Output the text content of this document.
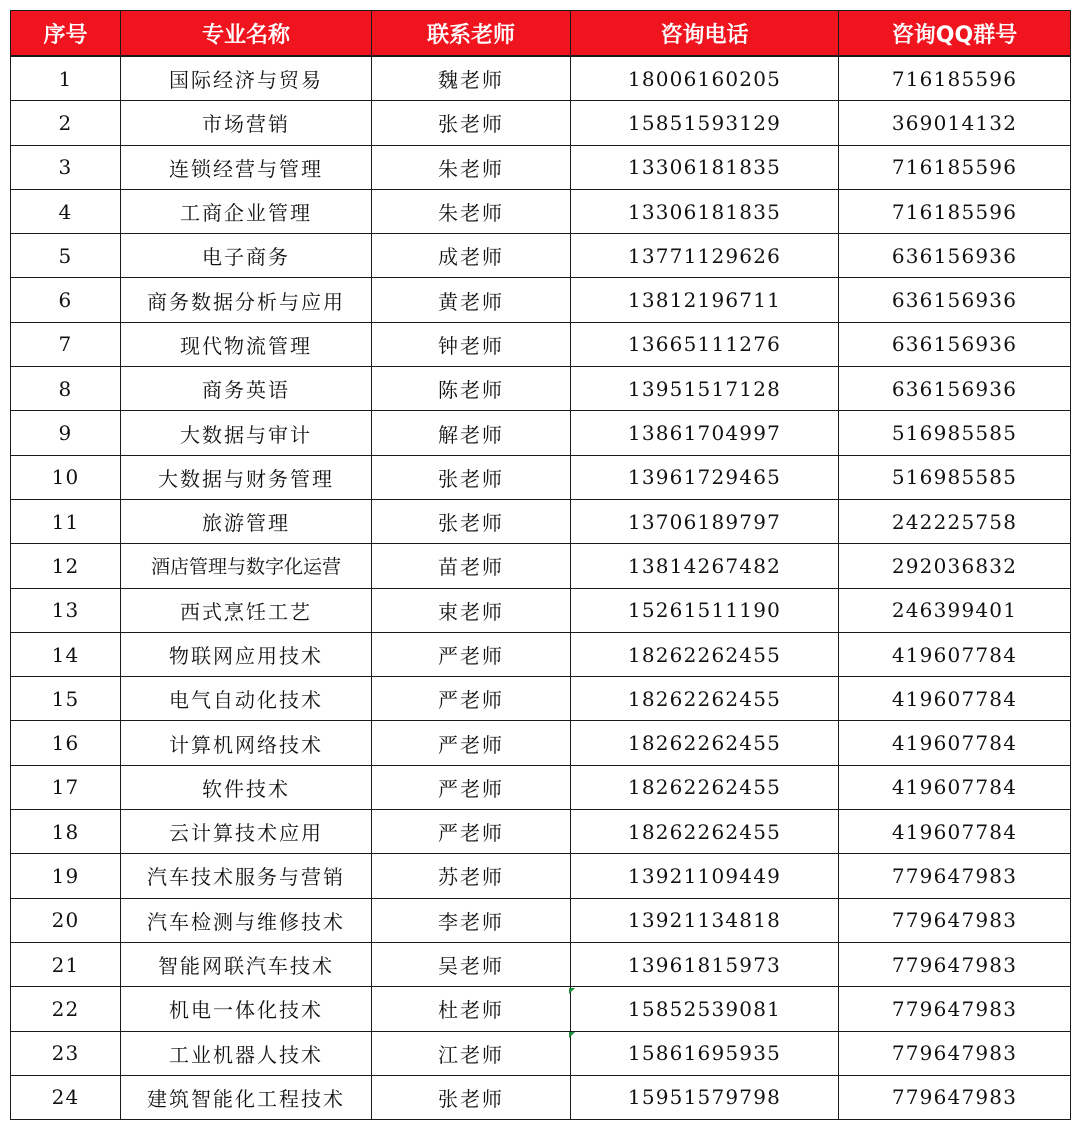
序号	专业名称	联系老师	咨询电话	咨询QQ群号
1	国际经济与贸易	魏老师	18006160205	716185596
2	市场营销	张老师	15851593129	369014132
3	连锁经营与管理	朱老师	13306181835	716185596
4	工商企业管理	朱老师	13306181835	716185596
5	电子商务	成老师	13771129626	636156936
6	商务数据分析与应用	黄老师	13812196711	636156936
7	现代物流管理	钟老师	13665111276	636156936
8	商务英语	陈老师	13951517128	636156936
9	大数据与审计	解老师	13861704997	516985585
10	大数据与财务管理	张老师	13961729465	516985585
11	旅游管理	张老师	13706189797	242225758
12	酒店管理与数字化运营	苗老师	13814267482	292036832
13	西式烹饪工艺	束老师	15261511190	246399401
14	物联网应用技术	严老师	18262262455	419607784
15	电气自动化技术	严老师	18262262455	419607784
16	计算机网络技术	严老师	18262262455	419607784
17	软件技术	严老师	18262262455	419607784
18	云计算技术应用	严老师	18262262455	419607784
19	汽车技术服务与营销	苏老师	13921109449	779647983
20	汽车检测与维修技术	李老师	13921134818	779647983
21	智能网联汽车技术	吴老师	13961815973	779647983
22	机电一体化技术	杜老师	15852539081	779647983
23	工业机器人技术	江老师	15861695935	779647983
24	建筑智能化工程技术	张老师	15951579798	779647983
